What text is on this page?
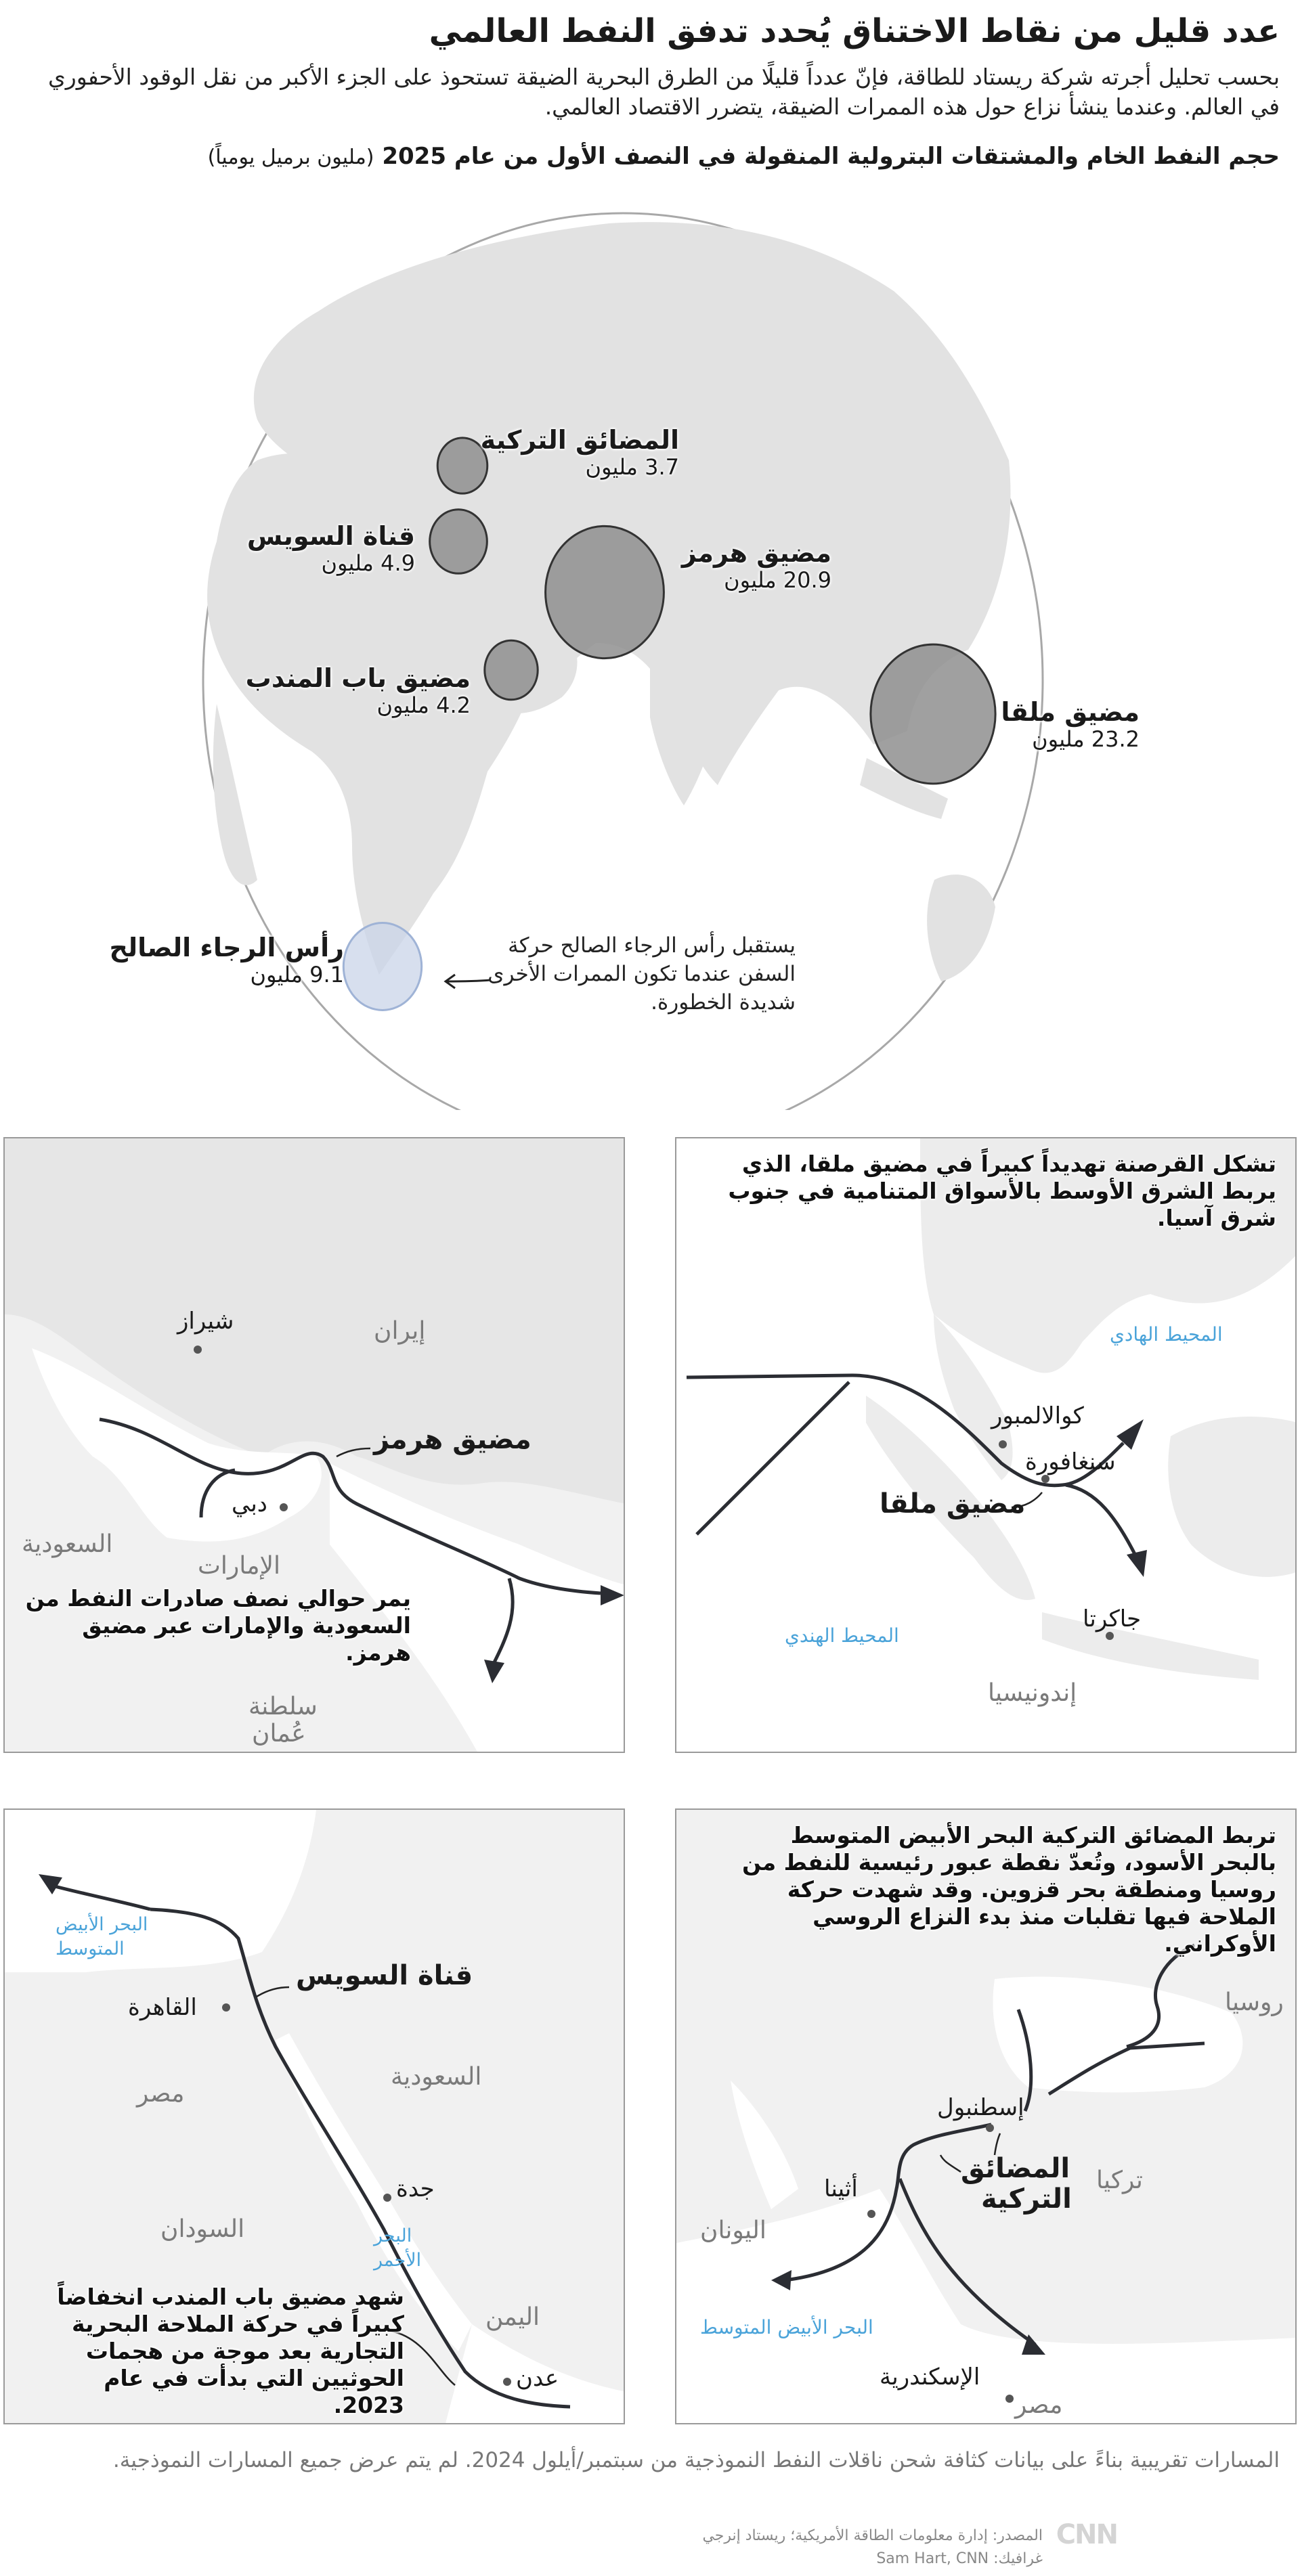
عدد قليل من نقاط الاختناق يُحدد تدفق النفط العالمي
بحسب تحليل أجرته شركة ريستاد للطاقة، فإنّ عدداً قليلًا من الطرق البحرية الضيقة تستحوذ على الجزء الأكبر من نقل الوقود الأحفوري في العالم. وعندما ينشأ نزاع حول هذه الممرات الضيقة، يتضرر الاقتصاد العالمي.
حجم النفط الخام والمشتقات البترولية المنقولة في النصف الأول من عام 2025 (مليون برميل يومياً)
المضائق التركية
3.7 مليون
قناة السويس
4.9 مليون	مضيق هرمز
20.9 مليون
مضيق باب المندب
4.2 مليون	مضيق ملقا
23.2 مليون
رأس الرجاء الصالح
9.1 مليون
يستقبل رأس الرجاء الصالح حركة السفن عندما تكون الممرات الأخرى شديدة الخطورة.
شيراز
دبي
إيران
السعودية
الإمارات
سلطنة
عُمان
مضيق هرمز
يمر حوالي نصف صادرات النفط من السعودية والإمارات عبر مضيق هرمز.
تشكل القرصنة تهديداً كبيراً في مضيق ملقا، الذي يربط الشرق الأوسط بالأسواق المتنامية في جنوب شرق آسيا.
المحيط الهادي
المحيط الهندي
كوالالمبور
سنغافورة
جاكرتا
إندونيسيا
مضيق ملقا
البحر الأبيض
المتوسط
البحر
الأحمر
قناة السويس
القاهرة
جدة
عدن
مصر
السعودية
السودان
اليمن
شهد مضيق باب المندب انخفاضاً كبيراً في حركة الملاحة البحرية التجارية بعد موجة من هجمات الحوثيين التي بدأت في عام 2023.
تربط المضائق التركية البحر الأبيض المتوسط بالبحر الأسود، وتُعدّ نقطة عبور رئيسية للنفط من روسيا ومنطقة بحر قزوين. وقد شهدت حركة الملاحة فيها تقلبات منذ بدء النزاع الروسي الأوكراني.
روسيا
تركيا
اليونان
مصر
إسطنبول
أثينا
الإسكندرية
البحر الأبيض المتوسط
المضائق
التركية
المسارات تقريبية بناءً على بيانات كثافة شحن ناقلات النفط النموذجية من سبتمبر/أيلول 2024. لم يتم عرض جميع المسارات النموذجية.
المصدر: إدارة معلومات الطاقة الأمريكية؛ ريستاد إنرجي
غرافيك: Sam Hart, CNN
CNN
